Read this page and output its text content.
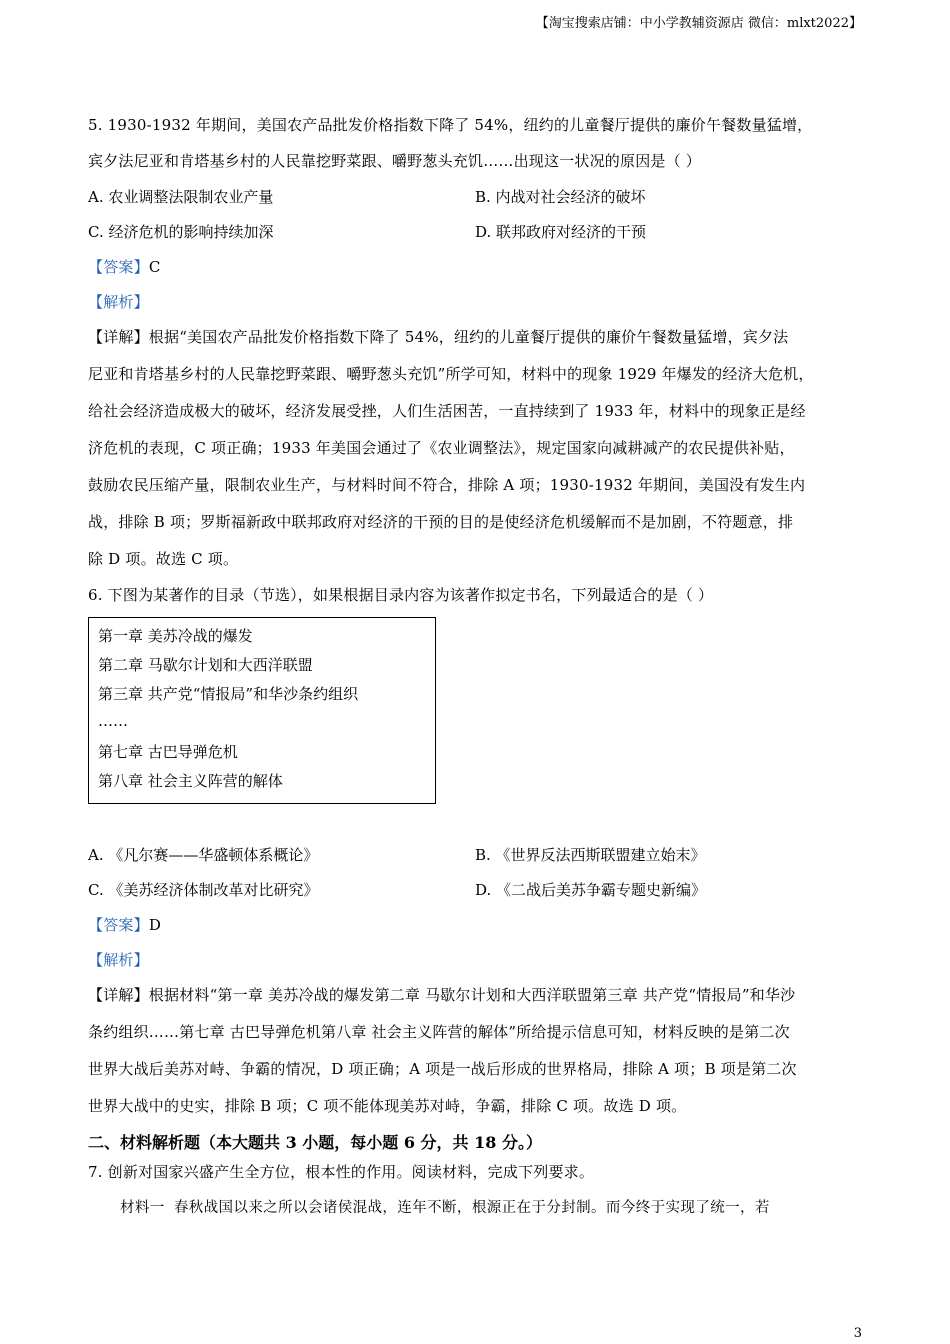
【淘宝搜索店铺：中小学教辅资源店 微信：mlxt2022】
5. 1930-1932 年期间，美国农产品批发价格指数下降了 54%，纽约的儿童餐厅提供的廉价午餐数量猛增，
宾夕法尼亚和肯塔基乡村的人民靠挖野菜跟、嚼野葱头充饥……出现这一状况的原因是（ ）
A. 农业调整法限制农业产量	B. 内战对社会经济的破坏
C. 经济危机的影响持续加深	D. 联邦政府对经济的干预
【答案】C
【解析】
【详解】根据“美国农产品批发价格指数下降了 54%，纽约的儿童餐厅提供的廉价午餐数量猛增，宾夕法
尼亚和肯塔基乡村的人民靠挖野菜跟、嚼野葱头充饥”所学可知，材料中的现象 1929 年爆发的经济大危机，
给社会经济造成极大的破坏，经济发展受挫，人们生活困苦，一直持续到了 1933 年，材料中的现象正是经
济危机的表现，C 项正确；1933 年美国会通过了《农业调整法》，规定国家向减耕减产的农民提供补贴，
鼓励农民压缩产量，限制农业生产，与材料时间不符合，排除 A 项；1930-1932 年期间，美国没有发生内
战，排除 B 项；罗斯福新政中联邦政府对经济的干预的目的是使经济危机缓解而不是加剧，不符题意，排
除 D 项。故选 C 项。
6. 下图为某著作的目录（节选），如果根据目录内容为该著作拟定书名，下列最适合的是（ ）
第一章 美苏冷战的爆发
第二章 马歇尔计划和大西洋联盟
第三章 共产党“情报局”和华沙条约组织
……
第七章 古巴导弹危机
第八章 社会主义阵营的解体
A. 《凡尔赛——华盛顿体系概论》	B. 《世界反法西斯联盟建立始末》
C. 《美苏经济体制改革对比研究》	D. 《二战后美苏争霸专题史新编》
【答案】D
【解析】
【详解】根据材料“第一章 美苏冷战的爆发第二章 马歇尔计划和大西洋联盟第三章 共产党“情报局”和华沙
条约组织……第七章 古巴导弹危机第八章 社会主义阵营的解体”所给提示信息可知，材料反映的是第二次
世界大战后美苏对峙、争霸的情况，D 项正确；A 项是一战后形成的世界格局，排除 A 项；B 项是第二次
世界大战中的史实，排除 B 项；C 项不能体现美苏对峙，争霸，排除 C 项。故选 D 项。
二、材料解析题（本大题共 3 小题，每小题 6 分，共 18 分。）
7. 创新对国家兴盛产生全方位，根本性的作用。阅读材料，完成下列要求。
材料一 春秋战国以来之所以会诸侯混战，连年不断，根源正在于分封制。而今终于实现了统一，若
3
